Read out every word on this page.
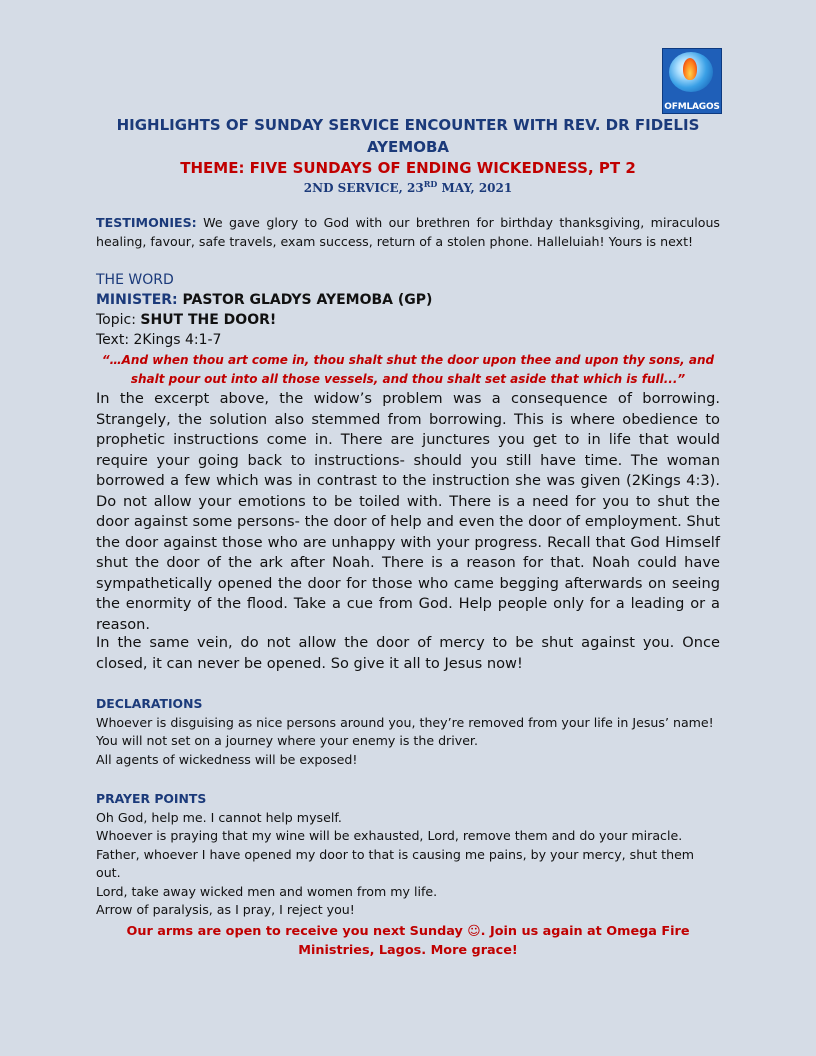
OFMLAGOS
HIGHLIGHTS OF SUNDAY SERVICE ENCOUNTER WITH REV. DR FIDELIS AYEMOBA
THEME: FIVE SUNDAYS OF ENDING WICKEDNESS, PT 2
2ND SERVICE, 23RD MAY, 2021
TESTIMONIES: We gave glory to God with our brethren for birthday thanksgiving, miraculous healing, favour, safe travels, exam success, return of a stolen phone. Halleluiah! Yours is next!
THE WORD
MINISTER: PASTOR GLADYS AYEMOBA (GP)
Topic: SHUT THE DOOR!
Text: 2Kings 4:1-7
“…And when thou art come in, thou shalt shut the door upon thee and upon thy sons, and shalt pour out into all those vessels, and thou shalt set aside that which is full...”

In the excerpt above, the widow’s problem was a consequence of borrowing. Strangely, the solution also stemmed from borrowing. This is where obedience to prophetic instructions come in. There are junctures you get to in life that would require your going back to instructions- should you still have time. The woman borrowed a few which was in contrast to the instruction she was given (2Kings 4:3). Do not allow your emotions to be toiled with. There is a need for you to shut the door against some persons- the door of help and even the door of employment. Shut the door against those who are unhappy with your progress. Recall that God Himself shut the door of the ark after Noah. There is a reason for that. Noah could have sympathetically opened the door for those who came begging afterwards on seeing the enormity of the flood. Take a cue from God. Help people only for a leading or a reason.

In the same vein, do not allow the door of mercy to be shut against you. Once closed, it can never be opened. So give it all to Jesus now!

DECLARATIONS
Whoever is disguising as nice persons around you, they’re removed from your life in Jesus’ name!
You will not set on a journey where your enemy is the driver.
All agents of wickedness will be exposed!
PRAYER POINTS
Oh God, help me. I cannot help myself.
Whoever is praying that my wine will be exhausted, Lord, remove them and do your miracle.
Father, whoever I have opened my door to that is causing me pains, by your mercy, shut them out.
Lord, take away wicked men and women from my life.
Arrow of paralysis, as I pray, I reject you!
Our arms are open to receive you next Sunday ☺. Join us again at Omega Fire Ministries, Lagos. More grace!
